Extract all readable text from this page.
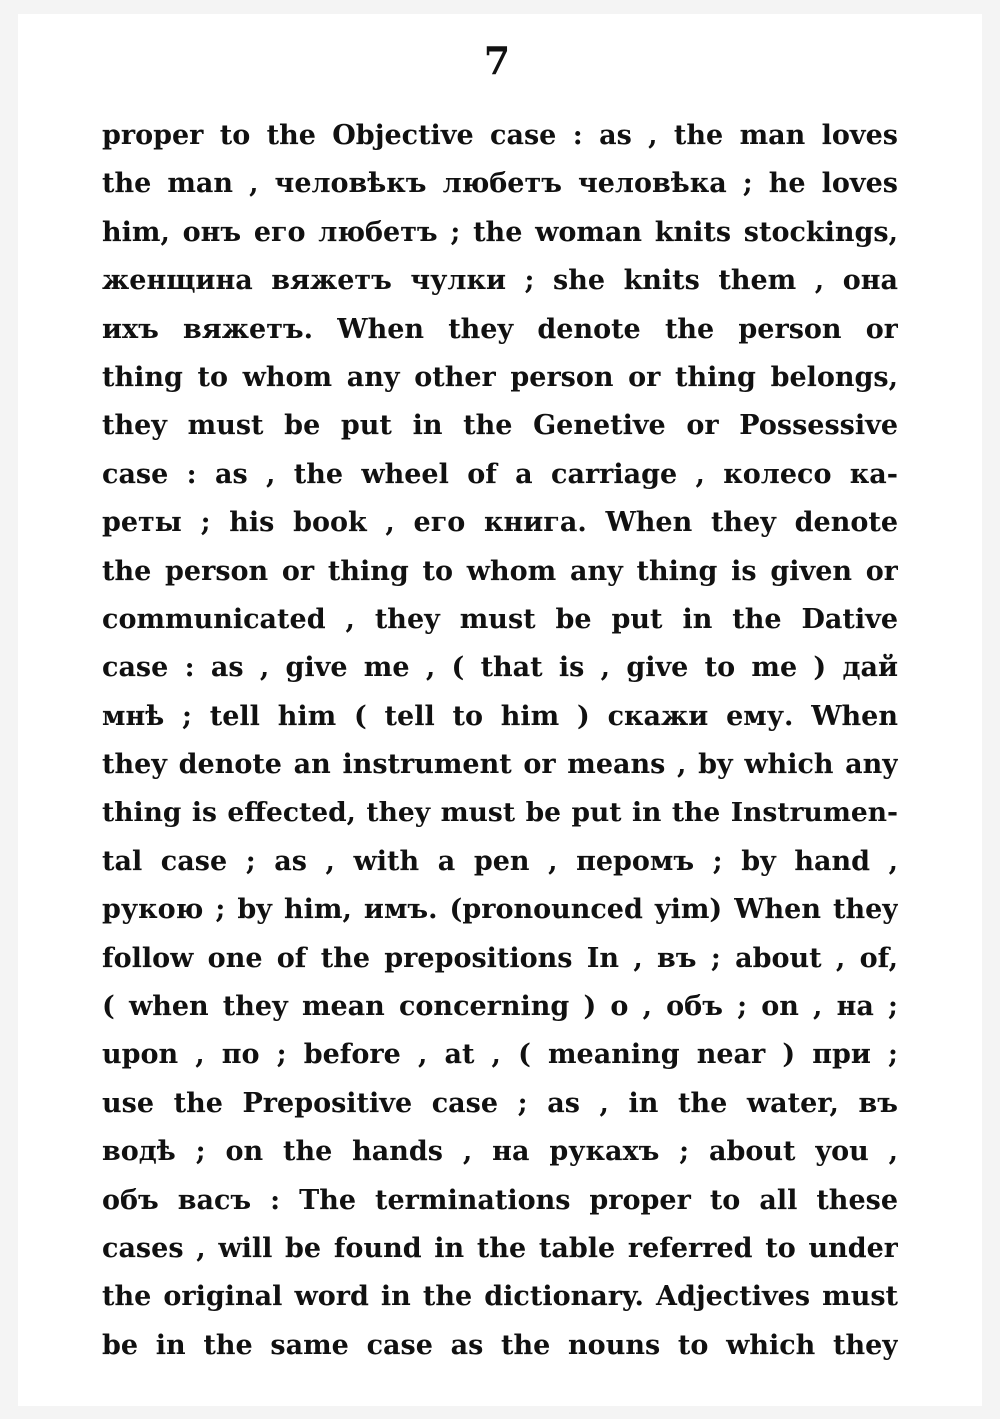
7
proper to the Objective case : as , the man loves
the man , человѣкъ любетъ человѣка ; he loves
him, онъ его любетъ ; the woman knits stockings,
женщина вяжетъ чулки ; she knits them , она
ихъ вяжетъ. When they denote the person or
thing to whom any other person or thing belongs,
they must be put in the Genetive or Possessive
case : as , the wheel of a carriage , колесо ка-
реты ; his book , его книга. When they denote
the person or thing to whom any thing is given or
communicated , they must be put in the Dative
case : as , give me , ( that is , give to me ) дай
мнѣ ; tell him ( tell to him ) скажи ему. When
they denote an instrument or means , by which any
thing is effected, they must be put in the Instrumen-
tal case ; as , with a pen , перомъ ; by hand ,
рукою ; by him, имъ. (pronounced yim) When they
follow one of the prepositions In , въ ; about , of,
( when they mean concerning ) о , объ ; on , на ;
upon , по ; before , at , ( meaning near ) при ;
use the Prepositive case ; as , in the water, въ
водѣ ; on the hands , на рукахъ ; about you ,
объ васъ : The terminations proper to all these
cases , will be found in the table referred to under
the original word in the dictionary. Adjectives must
be in the same case as the nouns to which they
